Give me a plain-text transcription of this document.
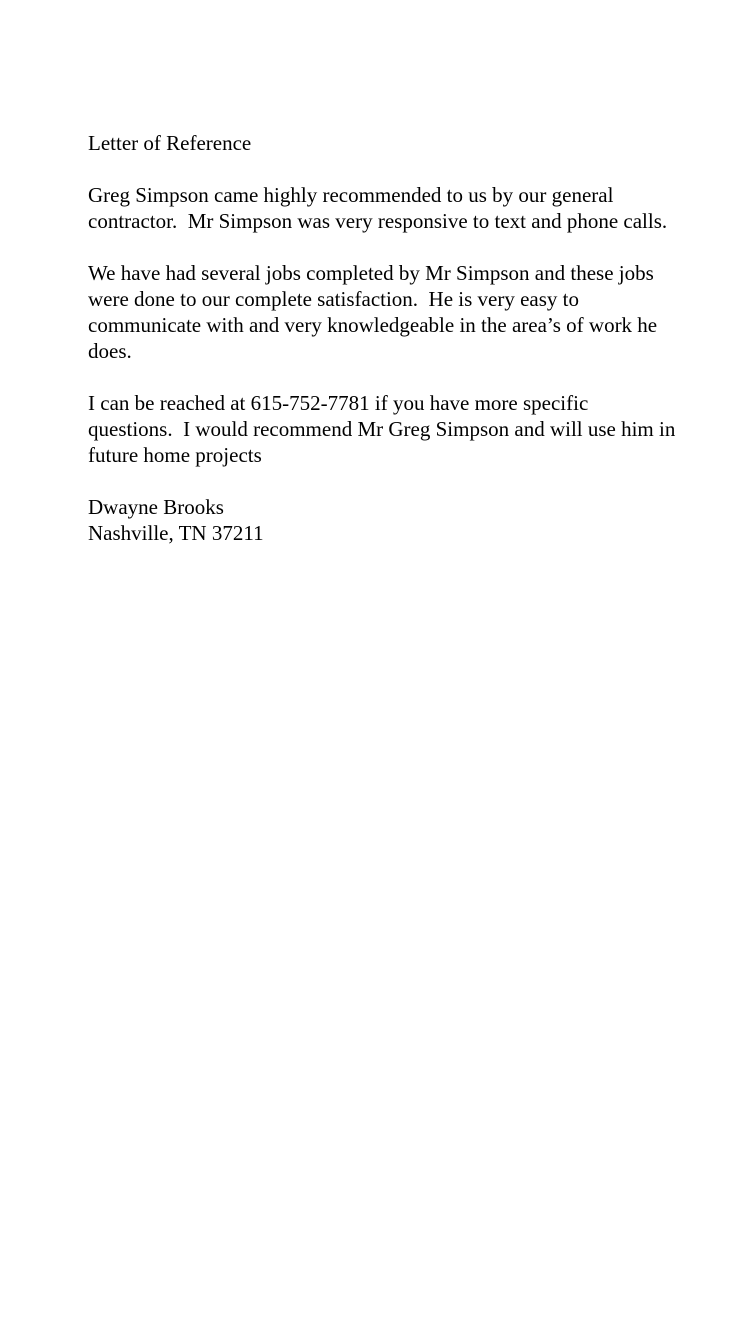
Letter of Reference

Greg Simpson came highly recommended to us by our general contractor.  Mr Simpson was very responsive to text and phone calls.

We have had several jobs completed by Mr Simpson and these jobs were done to our complete satisfaction.  He is very easy to communicate with and very knowledgeable in the area’s of work he does.

I can be reached at 615-752-7781 if you have more specific questions.  I would recommend Mr Greg Simpson and will use him in future home projects

Dwayne Brooks

Nashville, TN 37211
